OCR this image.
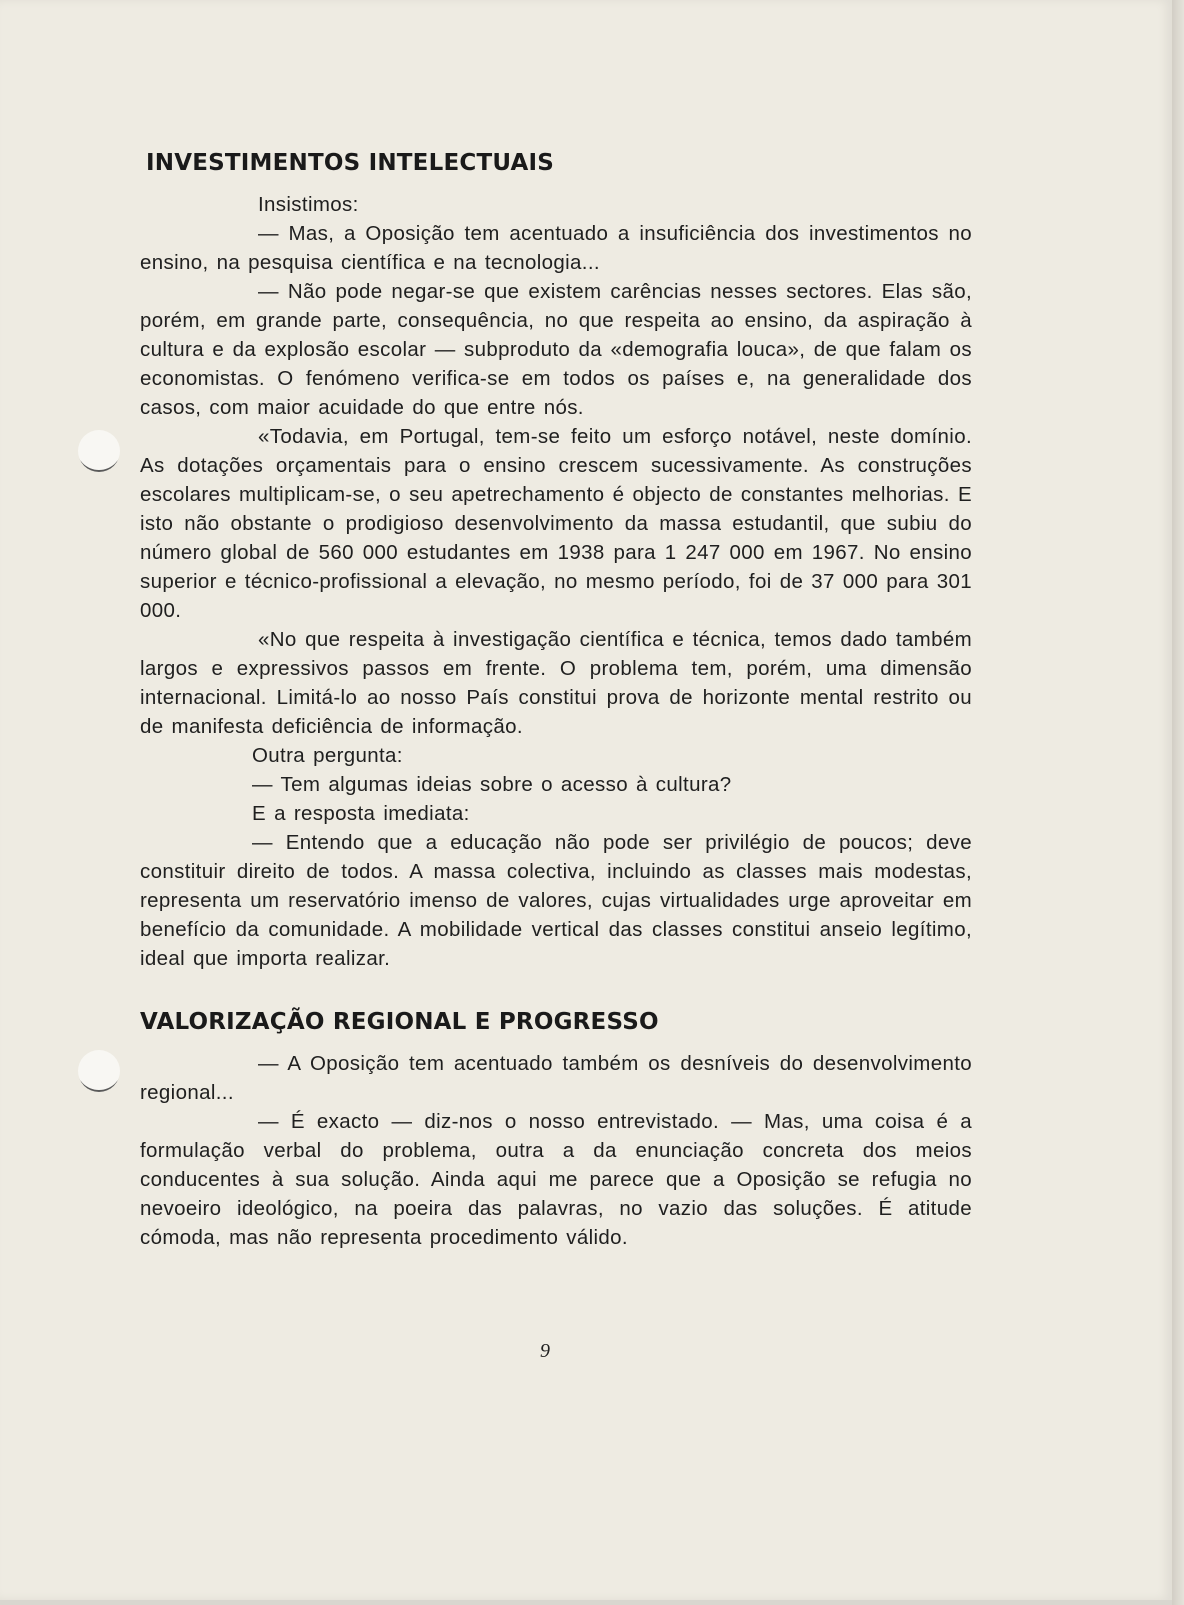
INVESTIMENTOS INTELECTUAIS

Insistimos:

— Mas, a Oposição tem acentuado a insuficiência dos investimentos no ensino, na pesquisa científica e na tecnologia...

— Não pode negar-se que existem carências nesses sectores. Elas são, porém, em grande parte, consequência, no que respeita ao ensino, da aspiração à cultura e da explosão escolar — subproduto da «demografia louca», de que falam os economistas. O fenómeno verifica-se em todos os países e, na generalidade dos casos, com maior acuidade do que entre nós.

«Todavia, em Portugal, tem-se feito um esforço notável, neste domínio. As dotações orçamentais para o ensino crescem sucessivamente. As construções escolares multiplicam-se, o seu apetrechamento é objecto de constantes melhorias. E isto não obstante o prodigioso desenvolvimento da massa estudantil, que subiu do número global de 560 000 estudantes em 1938 para 1 247 000 em 1967. No ensino superior e técnico-profissional a elevação, no mesmo período, foi de 37 000 para 301 000.

«No que respeita à investigação científica e técnica, temos dado também largos e expressivos passos em frente. O problema tem, porém, uma dimensão internacional. Limitá-lo ao nosso País constitui prova de horizonte mental restrito ou de manifesta deficiência de informação.

Outra pergunta:

— Tem algumas ideias sobre o acesso à cultura?

E a resposta imediata:

— Entendo que a educação não pode ser privilégio de poucos; deve constituir direito de todos. A massa colectiva, incluindo as classes mais modestas, representa um reservatório imenso de valores, cujas virtualidades urge aproveitar em benefício da comunidade. A mobilidade vertical das classes constitui anseio legítimo, ideal que importa realizar.

VALORIZAÇÃO REGIONAL E PROGRESSO

— A Oposição tem acentuado também os desníveis do desenvolvimento regional...

— É exacto — diz-nos o nosso entrevistado. — Mas, uma coisa é a formulação verbal do problema, outra a da enunciação concreta dos meios conducentes à sua solução. Ainda aqui me parece que a Oposição se refugia no nevoeiro ideológico, na poeira das palavras, no vazio das soluções. É atitude cómoda, mas não representa procedimento válido.

9
